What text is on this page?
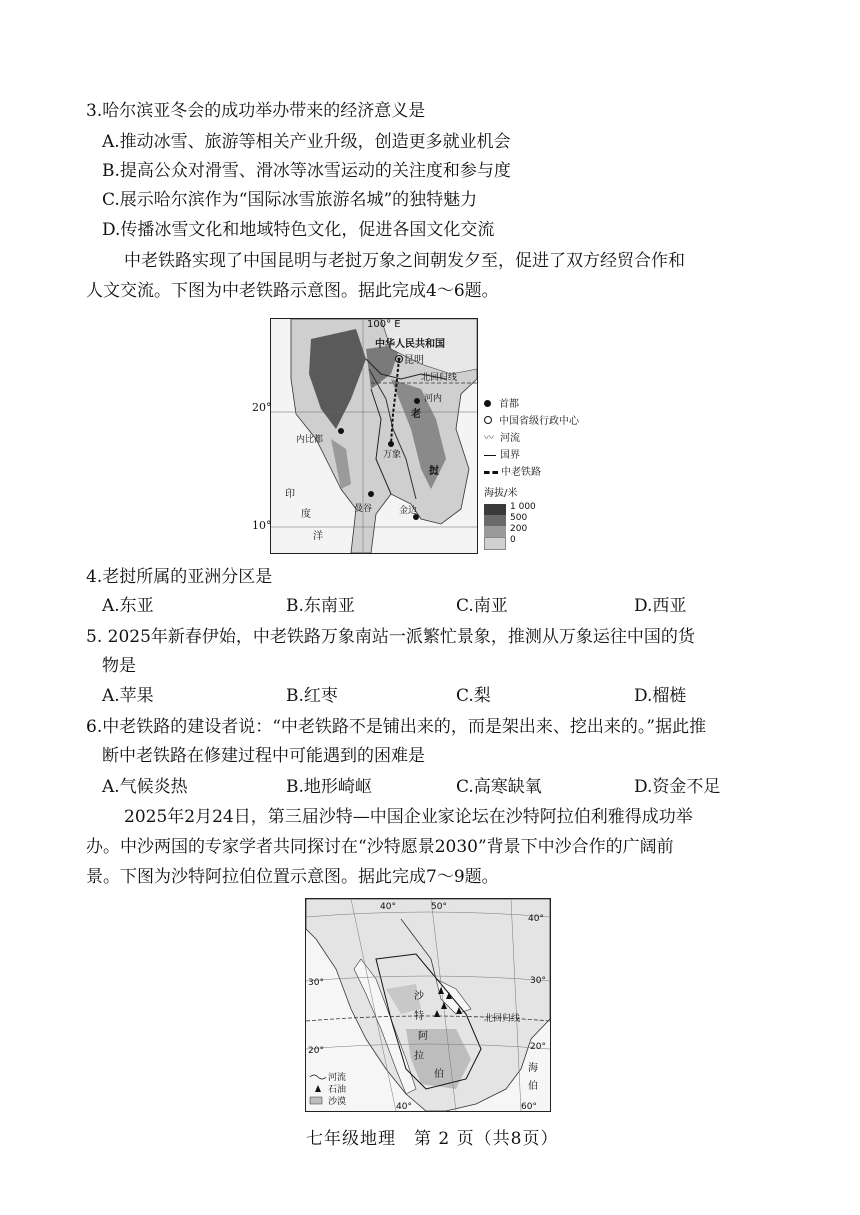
3.哈尔滨亚冬会的成功举办带来的经济意义是
A.推动冰雪、旅游等相关产业升级，创造更多就业机会
B.提高公众对滑雪、滑冰等冰雪运动的关注度和参与度
C.展示哈尔滨作为“国际冰雪旅游名城”的独特魅力
D.传播冰雪文化和地域特色文化，促进各国文化交流
中老铁路实现了中国昆明与老挝万象之间朝发夕至，促进了双方经贸合作和
人文交流。下图为中老铁路示意图。据此完成4～6题。
100° E
中华人民共和国
昆明
北回归线
河内
内比都
万象
曼谷	金边
老
挝
印
度
洋
20°
10°
首都
中国省级行政中心
〰 河流
国界
中老铁路
海拔/米
1 000
500
200
0
4.老挝所属的亚洲分区是
A.东亚	B.东南亚	C.南亚	D.西亚
5. 2025年新春伊始，中老铁路万象南站一派繁忙景象，推测从万象运往中国的货
物是
A.苹果	B.红枣	C.梨	D.榴梿
6.中老铁路的建设者说：“中老铁路不是铺出来的，而是架出来、挖出来的。”据此推
断中老铁路在修建过程中可能遇到的困难是
A.气候炎热	B.地形崎岖	C.高寒缺氧	D.资金不足
2025年2月24日，第三届沙特—中国企业家论坛在沙特阿拉伯利雅得成功举
办。中沙两国的专家学者共同探讨在“沙特愿景2030”背景下中沙合作的广阔前
景。下图为沙特阿拉伯位置示意图。据此完成7～9题。
40°	50°
40°
30°	30°
20°	20°
40°	60°
北回归线
沙
特
阿
拉
伯
海
伯
河流
石油
沙漠
七年级地理　第 2 页（共8页）
